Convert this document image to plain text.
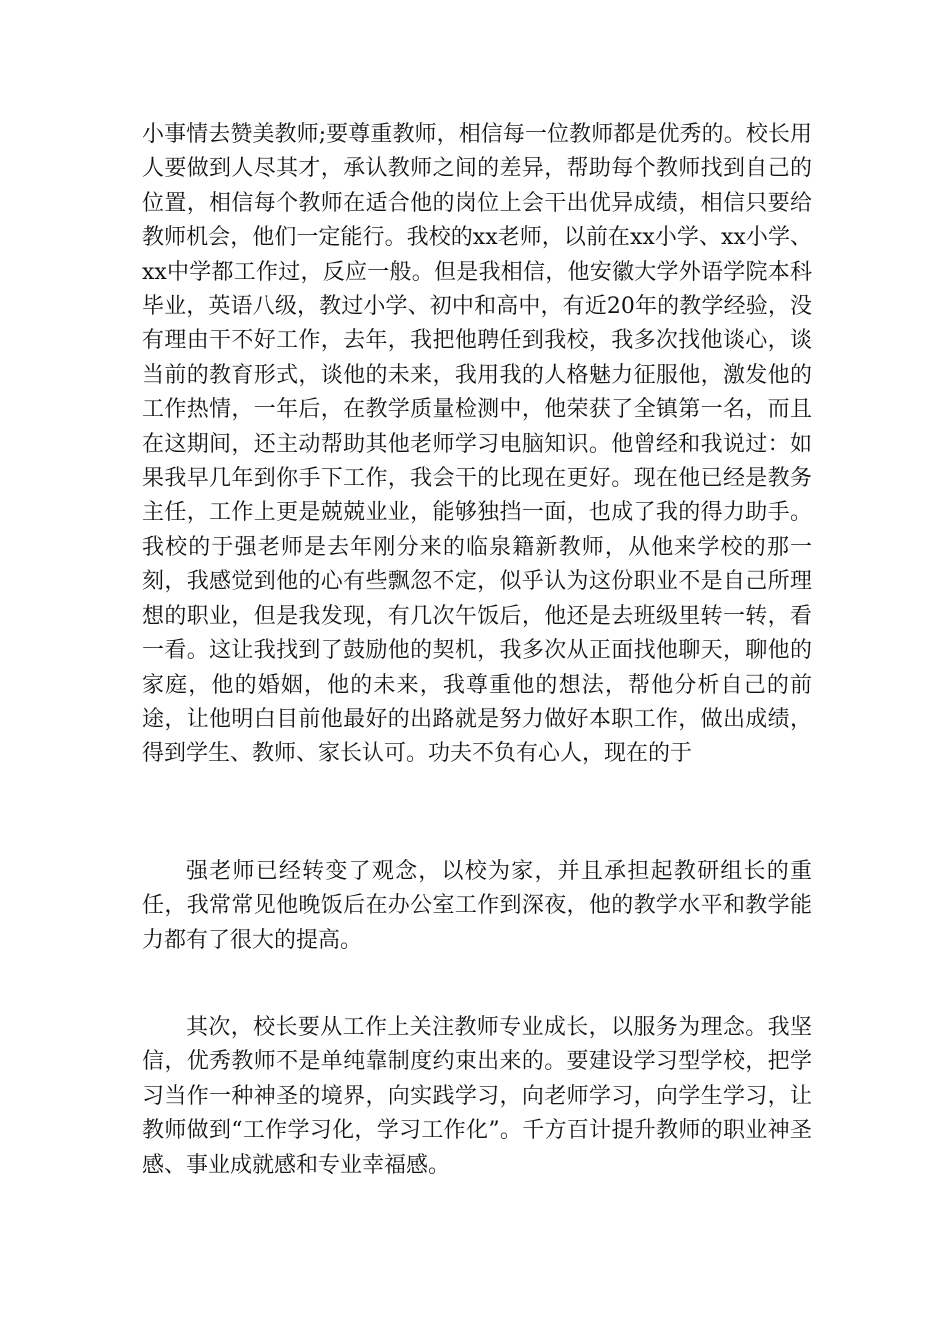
小事情去赞美教师;要尊重教师，相信每一位教师都是优秀的。校长用人要做到人尽其才，承认教师之间的差异，帮助每个教师找到自己的位置，相信每个教师在适合他的岗位上会干出优异成绩，相信只要给教师机会，他们一定能行。我校的xx老师，以前在xx小学、xx小学、xx中学都工作过，反应一般。但是我相信，他安徽大学外语学院本科毕业，英语八级，教过小学、初中和高中，有近20年的教学经验，没有理由干不好工作，去年，我把他聘任到我校，我多次找他谈心，谈当前的教育形式，谈他的未来，我用我的人格魅力征服他，激发他的工作热情，一年后，在教学质量检测中，他荣获了全镇第一名，而且在这期间，还主动帮助其他老师学习电脑知识。他曾经和我说过：如果我早几年到你手下工作，我会干的比现在更好。现在他已经是教务主任，工作上更是兢兢业业，能够独挡一面，也成了我的得力助手。我校的于强老师是去年刚分来的临泉籍新教师，从他来学校的那一刻，我感觉到他的心有些飘忽不定，似乎认为这份职业不是自己所理想的职业，但是我发现，有几次午饭后，他还是去班级里转一转，看一看。这让我找到了鼓励他的契机，我多次从正面找他聊天，聊他的家庭，他的婚姻，他的未来，我尊重他的想法，帮他分析自己的前途，让他明白目前他最好的出路就是努力做好本职工作，做出成绩，得到学生、教师、家长认可。功夫不负有心人，现在的于

强老师已经转变了观念，以校为家，并且承担起教研组长的重任，我常常见他晚饭后在办公室工作到深夜，他的教学水平和教学能力都有了很大的提高。

其次，校长要从工作上关注教师专业成长，以服务为理念。我坚信，优秀教师不是单纯靠制度约束出来的。要建设学习型学校，把学习当作一种神圣的境界，向实践学习，向老师学习，向学生学习，让教师做到“工作学习化，学习工作化”。千方百计提升教师的职业神圣感、事业成就感和专业幸福感。
